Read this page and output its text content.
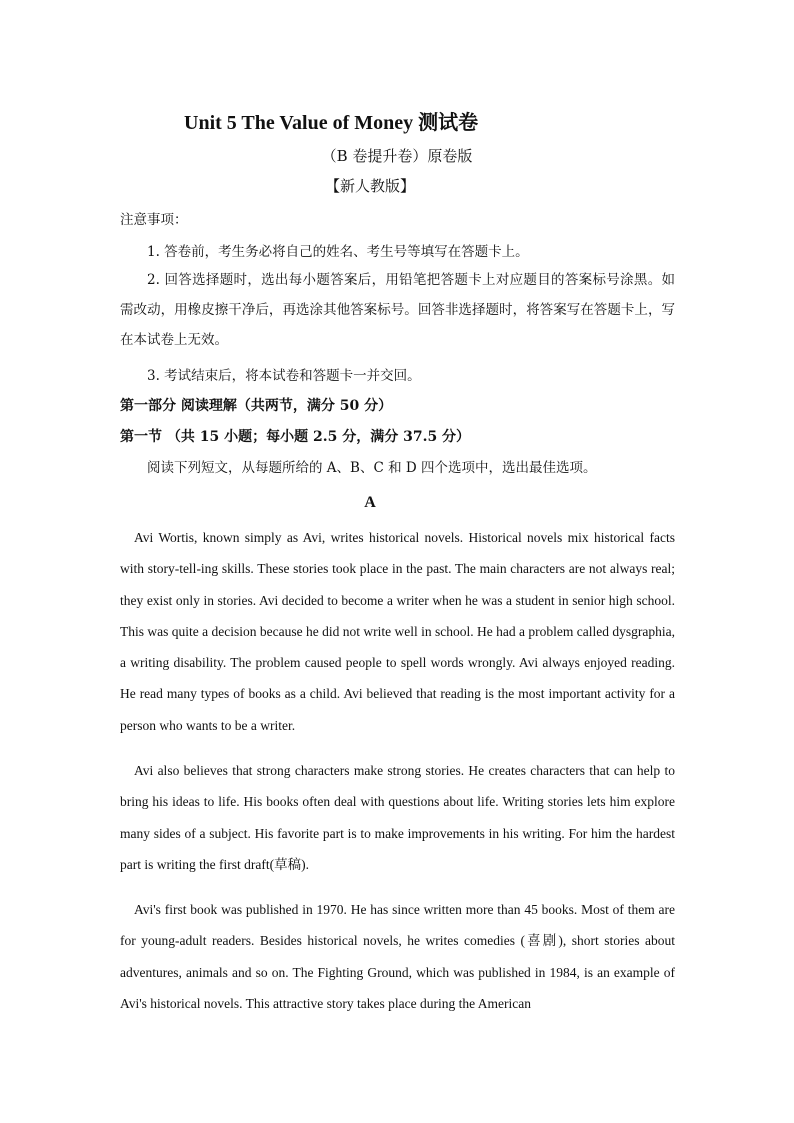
Unit 5 The Value of Money 测试卷
（B 卷提升卷）原卷版
【新人教版】
注意事项：
1. 答卷前，考生务必将自己的姓名、考生号等填写在答题卡上。
2. 回答选择题时，选出每小题答案后，用铅笔把答题卡上对应题目的答案标号涂黑。如需改动，用橡皮擦干净后，再选涂其他答案标号。回答非选择题时，将答案写在答题卡上，写在本试卷上无效。
3. 考试结束后，将本试卷和答题卡一并交回。
第一部分 阅读理解（共两节，满分 50 分）
第一节 （共 15 小题；每小题 2.5 分，满分 37.5 分）
阅读下列短文，从每题所给的 A、B、C 和 D 四个选项中，选出最佳选项。
A
Avi Wortis, known simply as Avi, writes historical novels. Historical novels mix historical facts with story-tell-ing skills. These stories took place in the past. The main characters are not always real; they exist only in stories. Avi decided to become a writer when he was a student in senior high school. This was quite a decision because he did not write well in school. He had a problem called dysgraphia, a writing disability. The problem caused people to spell words wrongly. Avi always enjoyed reading. He read many types of books as a child. Avi believed that reading is the most important activity for a person who wants to be a writer.
Avi also believes that strong characters make strong stories. He creates characters that can help to bring his ideas to life. His books often deal with questions about life. Writing stories lets him explore many sides of a subject. His favorite part is to make improvements in his writing. For him the hardest part is writing the first draft(草稿).
Avi's first book was published in 1970. He has since written more than 45 books. Most of them are for young-adult readers. Besides historical novels, he writes comedies (喜剧), short stories about adventures, animals and so on. The Fighting Ground, which was published in 1984, is an example of Avi's historical novels. This attractive story takes place during the American
